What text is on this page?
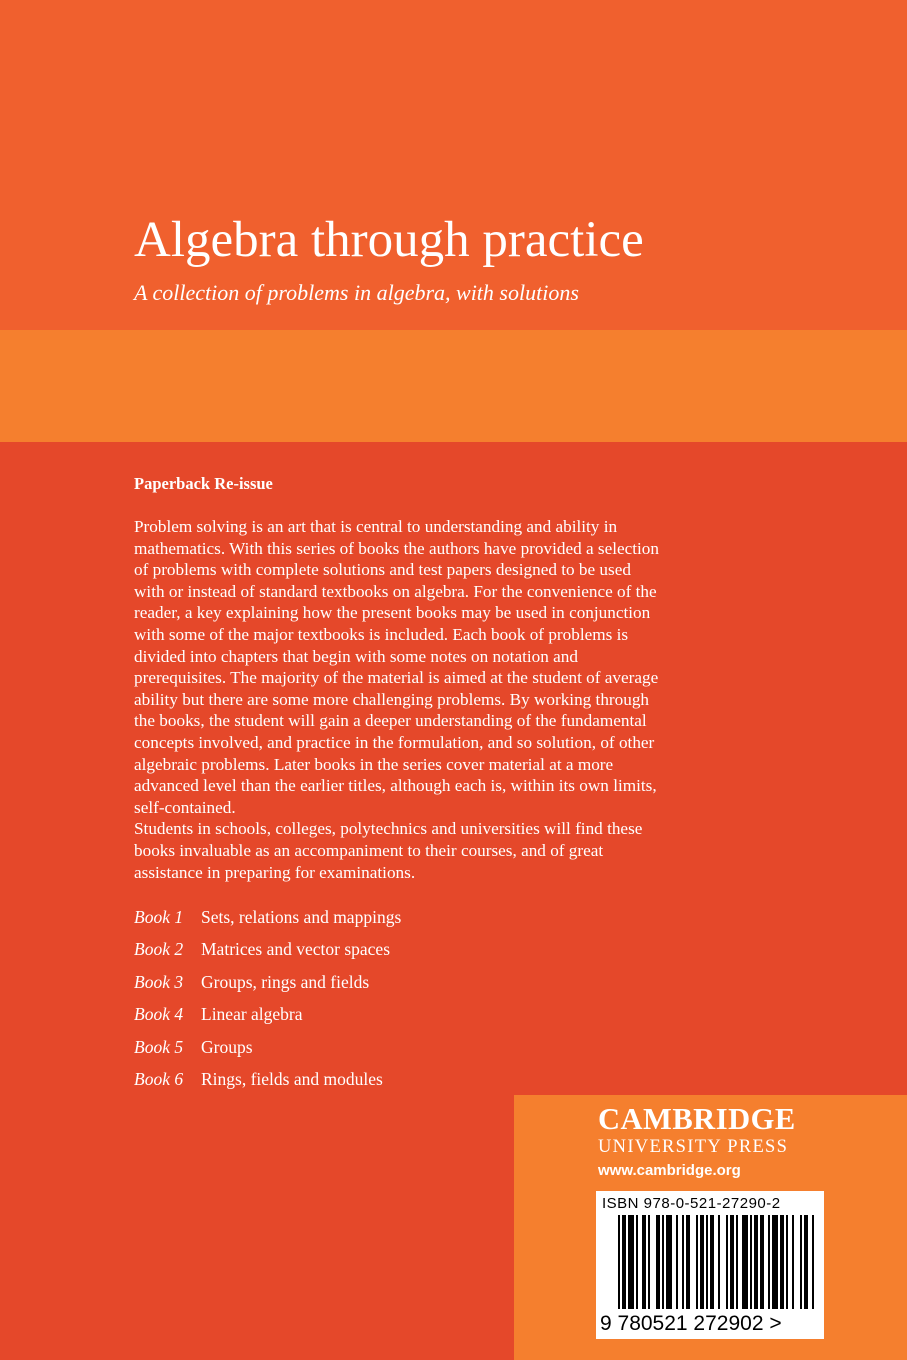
Algebra through practice

A collection of problems in algebra, with solutions

Paperback Re-issue

Problem solving is an art that is central to understanding and ability in
mathematics. With this series of books the authors have provided a selection
of problems with complete solutions and test papers designed to be used
with or instead of standard textbooks on algebra. For the convenience of the
reader, a key explaining how the present books may be used in conjunction
with some of the major textbooks is included. Each book of problems is
divided into chapters that begin with some notes on notation and
prerequisites. The majority of the material is aimed at the student of average
ability but there are some more challenging problems. By working through
the books, the student will gain a deeper understanding of the fundamental
concepts involved, and practice in the formulation, and so solution, of other
algebraic problems. Later books in the series cover material at a more
advanced level than the earlier titles, although each is, within its own limits,
self-contained.

Students in schools, colleges, polytechnics and universities will find these
books invaluable as an accompaniment to their courses, and of great
assistance in preparing for examinations.

Book 1 Sets, relations and mappings
Book 2 Matrices and vector spaces
Book 3 Groups, rings and fields
Book 4 Linear algebra
Book 5 Groups
Book 6 Rings, fields and modules

CAMBRIDGE

UNIVERSITY PRESS

www.cambridge.org

ISBN 978-0-521-27290-2

9 780521 272902 >
